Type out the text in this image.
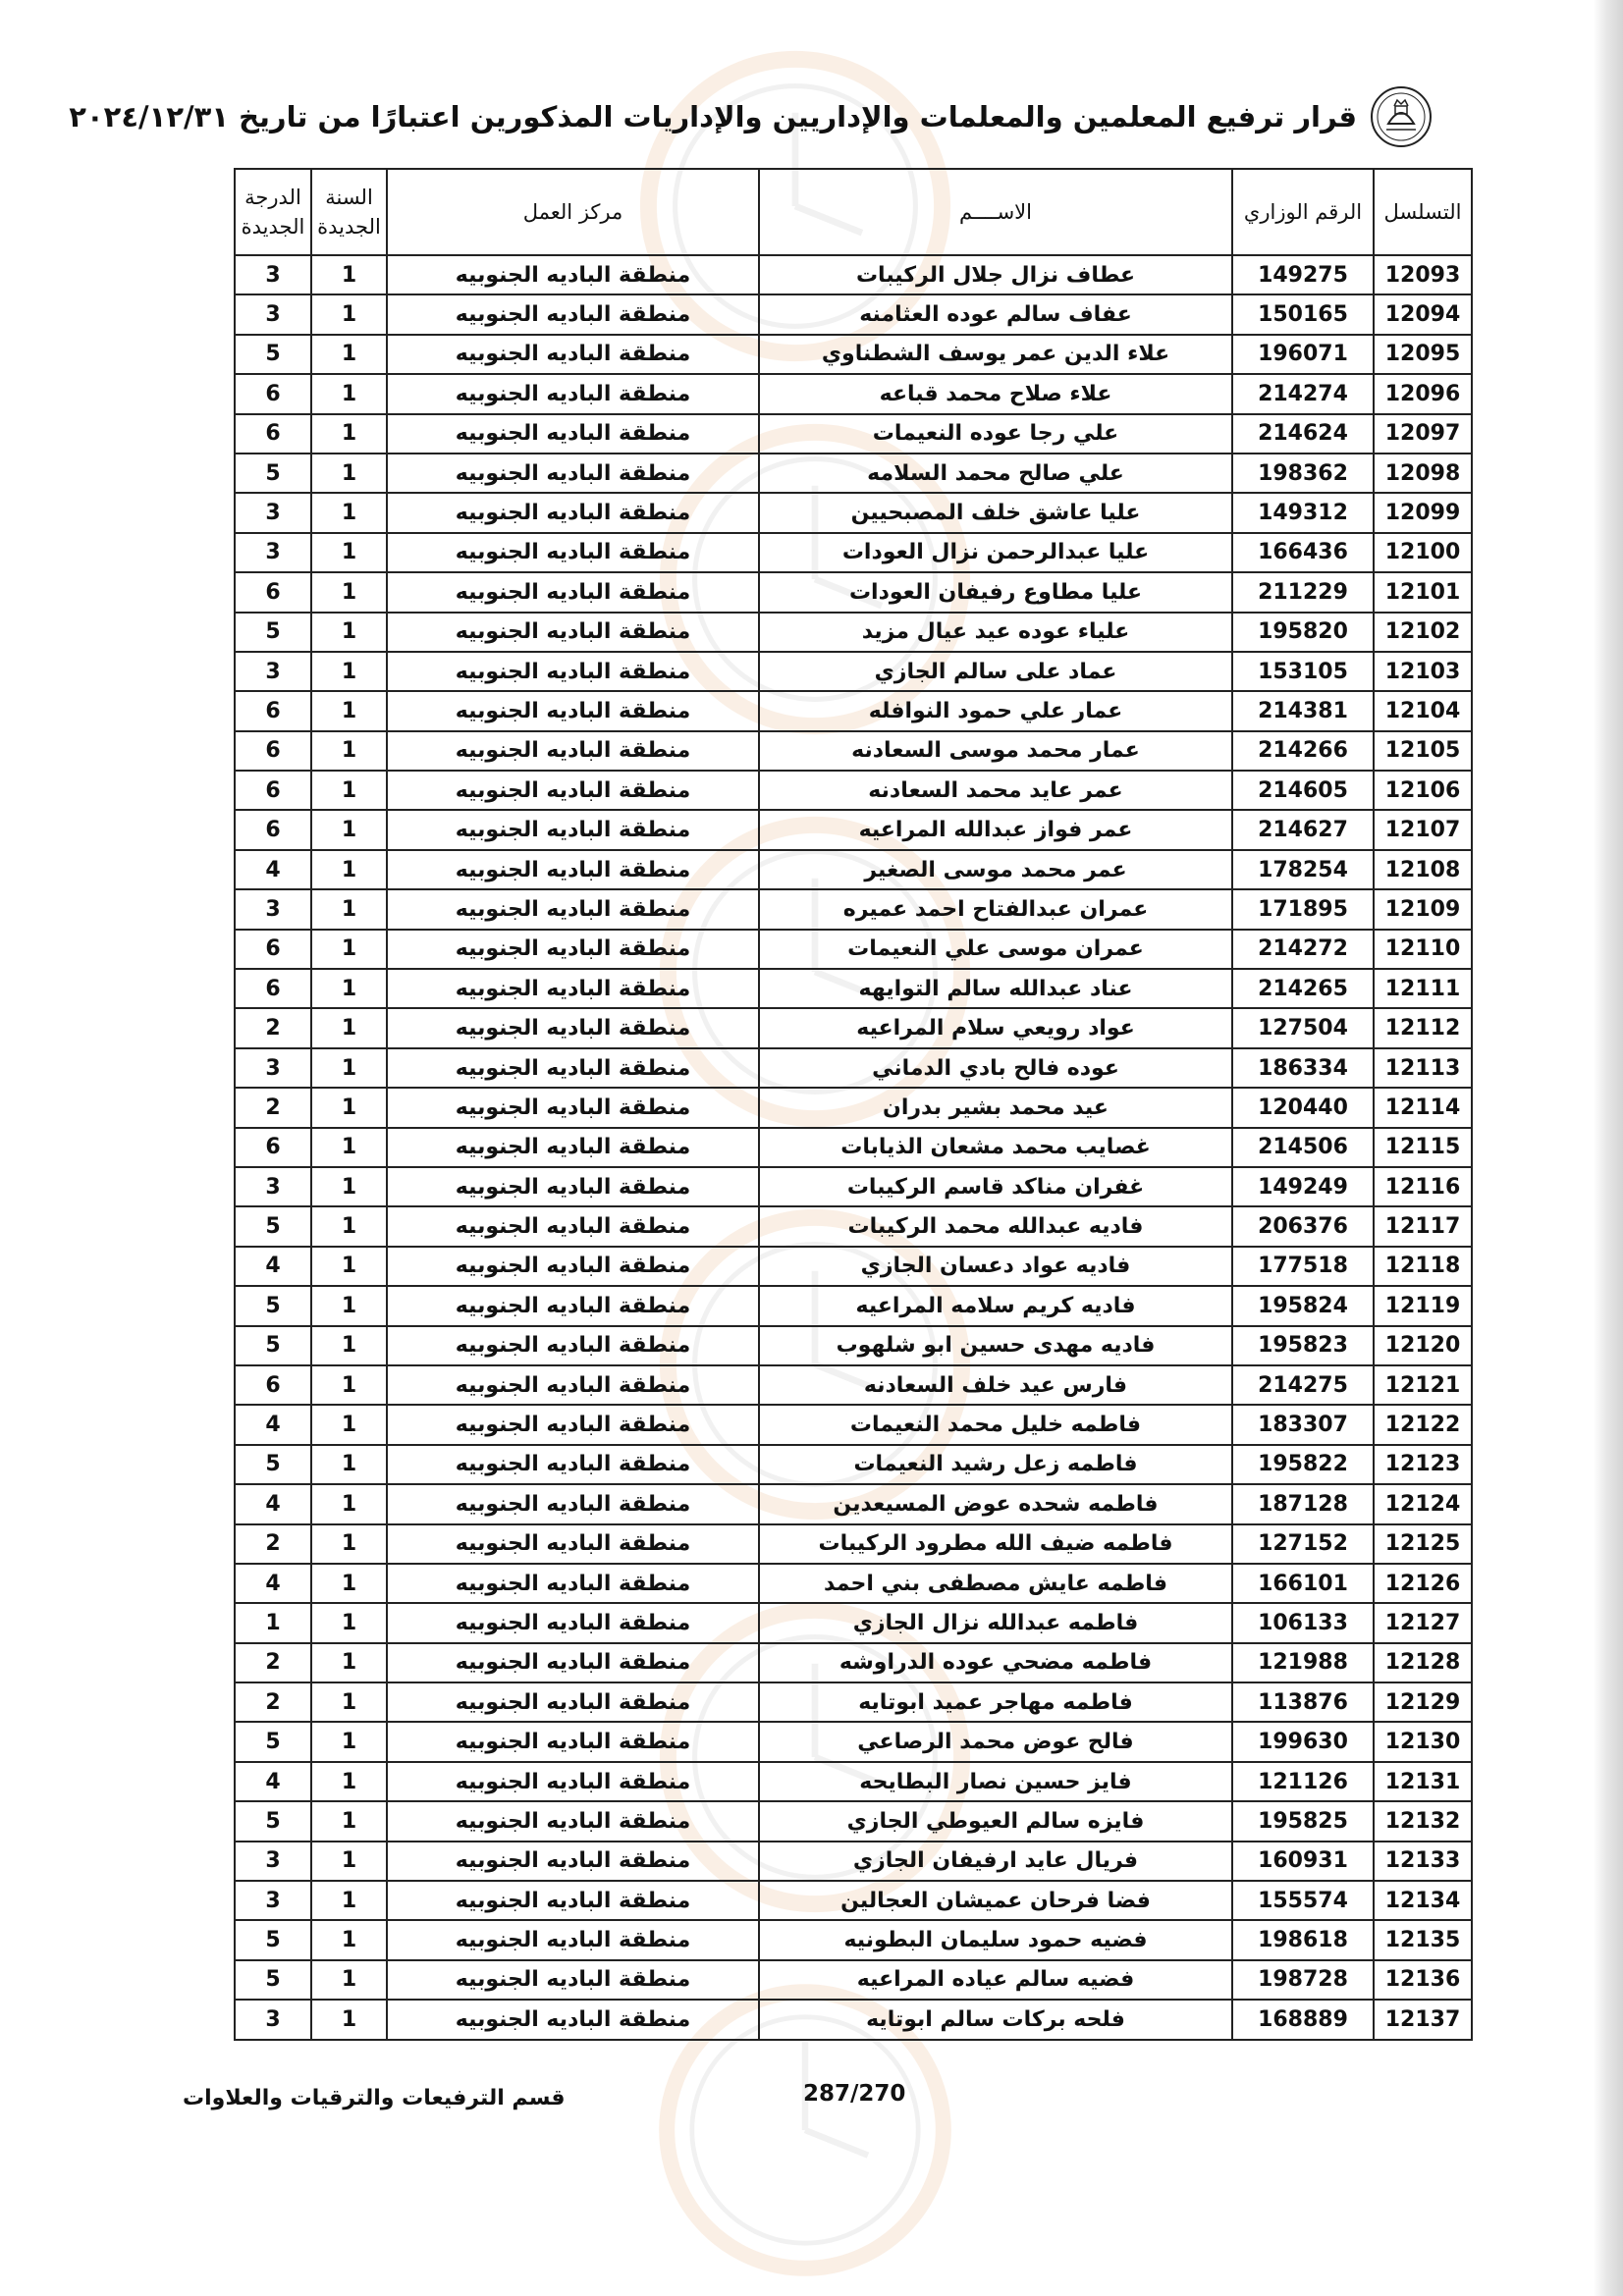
قرار ترفيع المعلمين والمعلمات والإداريين والإداريات المذكورين اعتبارًا من تاريخ ٢٠٢٤/١٢/٣١
التسلسل	الرقم الوزاري	الاســــم	مركز العمل	السنة الجديدة	الدرجة الجديدة
12093	149275	عطاف نزال جلال الركيبات	منطقة الباديه الجنوبيه	1	3
12094	150165	عفاف سالم عوده العثامنه	منطقة الباديه الجنوبيه	1	3
12095	196071	علاء الدين عمر يوسف الشطناوي	منطقة الباديه الجنوبيه	1	5
12096	214274	علاء صلاح محمد قباعه	منطقة الباديه الجنوبيه	1	6
12097	214624	علي رجا عوده النعيمات	منطقة الباديه الجنوبيه	1	6
12098	198362	علي صالح محمد السلامه	منطقة الباديه الجنوبيه	1	5
12099	149312	عليا عاشق خلف المصبحيين	منطقة الباديه الجنوبيه	1	3
12100	166436	عليا عبدالرحمن نزال العودات	منطقة الباديه الجنوبيه	1	3
12101	211229	عليا مطاوع رفيفان العودات	منطقة الباديه الجنوبيه	1	6
12102	195820	علياء عوده عيد عيال مزيد	منطقة الباديه الجنوبيه	1	5
12103	153105	عماد على سالم الجازي	منطقة الباديه الجنوبيه	1	3
12104	214381	عمار علي حمود النوافله	منطقة الباديه الجنوبيه	1	6
12105	214266	عمار محمد موسى السعادنه	منطقة الباديه الجنوبيه	1	6
12106	214605	عمر عايد محمد السعادنه	منطقة الباديه الجنوبيه	1	6
12107	214627	عمر فواز عبدالله المراعيه	منطقة الباديه الجنوبيه	1	6
12108	178254	عمر محمد موسى الصغير	منطقة الباديه الجنوبيه	1	4
12109	171895	عمران عبدالفتاح احمد عميره	منطقة الباديه الجنوبيه	1	3
12110	214272	عمران موسى علي النعيمات	منطقة الباديه الجنوبيه	1	6
12111	214265	عناد عبدالله سالم التوايهه	منطقة الباديه الجنوبيه	1	6
12112	127504	عواد رويعي سلام المراعيه	منطقة الباديه الجنوبيه	1	2
12113	186334	عوده فالح بادي الدماني	منطقة الباديه الجنوبيه	1	3
12114	120440	عيد محمد بشير بدران	منطقة الباديه الجنوبيه	1	2
12115	214506	غصايب محمد مشعان الذيابات	منطقة الباديه الجنوبيه	1	6
12116	149249	غفران مناكد قاسم الركيبات	منطقة الباديه الجنوبيه	1	3
12117	206376	فاديه عبدالله محمد الركيبات	منطقة الباديه الجنوبيه	1	5
12118	177518	فاديه عواد دعسان الجازي	منطقة الباديه الجنوبيه	1	4
12119	195824	فاديه كريم سلامه المراعيه	منطقة الباديه الجنوبيه	1	5
12120	195823	فاديه مهدى حسين ابو شلهوب	منطقة الباديه الجنوبيه	1	5
12121	214275	فارس عيد خلف السعادنه	منطقة الباديه الجنوبيه	1	6
12122	183307	فاطمه خليل محمد النعيمات	منطقة الباديه الجنوبيه	1	4
12123	195822	فاطمه زعل رشيد النعيمات	منطقة الباديه الجنوبيه	1	5
12124	187128	فاطمه شحده عوض المسيعدين	منطقة الباديه الجنوبيه	1	4
12125	127152	فاطمه ضيف الله مطرود الركيبات	منطقة الباديه الجنوبيه	1	2
12126	166101	فاطمه عايش مصطفى بني احمد	منطقة الباديه الجنوبيه	1	4
12127	106133	فاطمه عبدالله نزال الجازي	منطقة الباديه الجنوبيه	1	1
12128	121988	فاطمه مضحي عوده الدراوشه	منطقة الباديه الجنوبيه	1	2
12129	113876	فاطمه مهاجر عميد ابوتايه	منطقة الباديه الجنوبيه	1	2
12130	199630	فالح عوض محمد الرصاعي	منطقة الباديه الجنوبيه	1	5
12131	121126	فايز حسين نصار البطايحه	منطقة الباديه الجنوبيه	1	4
12132	195825	فايزه سالم العيوطي الجازي	منطقة الباديه الجنوبيه	1	5
12133	160931	فريال عايد ارفيفان الجازي	منطقة الباديه الجنوبيه	1	3
12134	155574	فضا فرحان عميشان العجالين	منطقة الباديه الجنوبيه	1	3
12135	198618	فضيه حمود سليمان البطونيه	منطقة الباديه الجنوبيه	1	5
12136	198728	فضيه سالم عياده المراعيه	منطقة الباديه الجنوبيه	1	5
12137	168889	فلحه بركات سالم ابوتايه	منطقة الباديه الجنوبيه	1	3
287/270
قسم الترفيعات والترقيات والعلاوات
